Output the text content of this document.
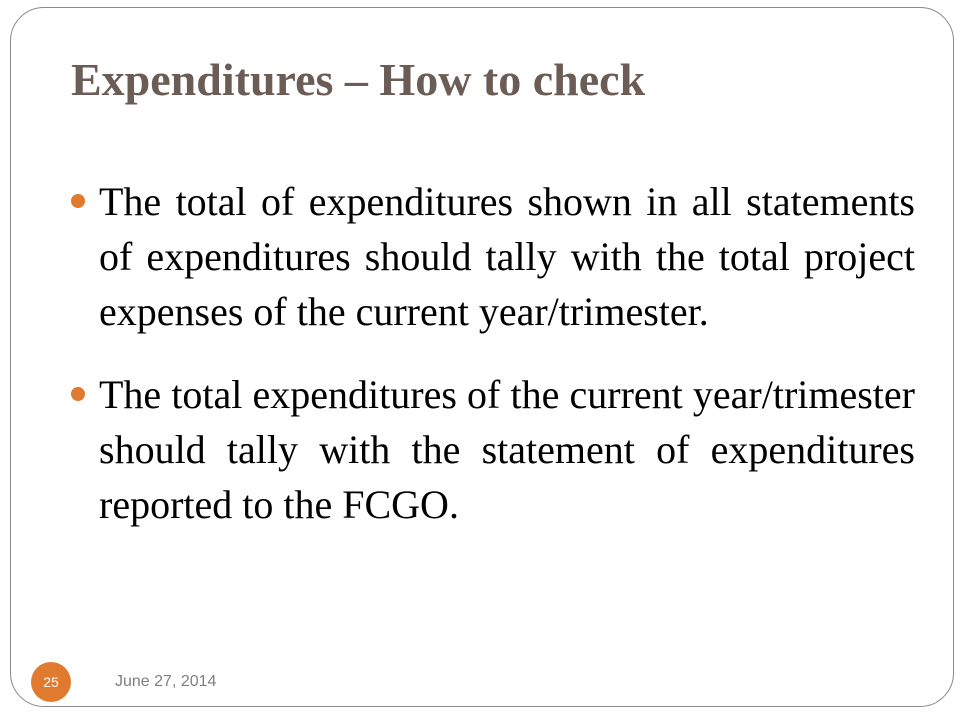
Expenditures – How to check
The total of expenditures shown in all statements of expenditures should tally with the total project expenses of the current year/trimester.
The total expenditures of the current year/trimester should tally with the statement of expenditures reported to the FCGO.
25	June 27, 2014
